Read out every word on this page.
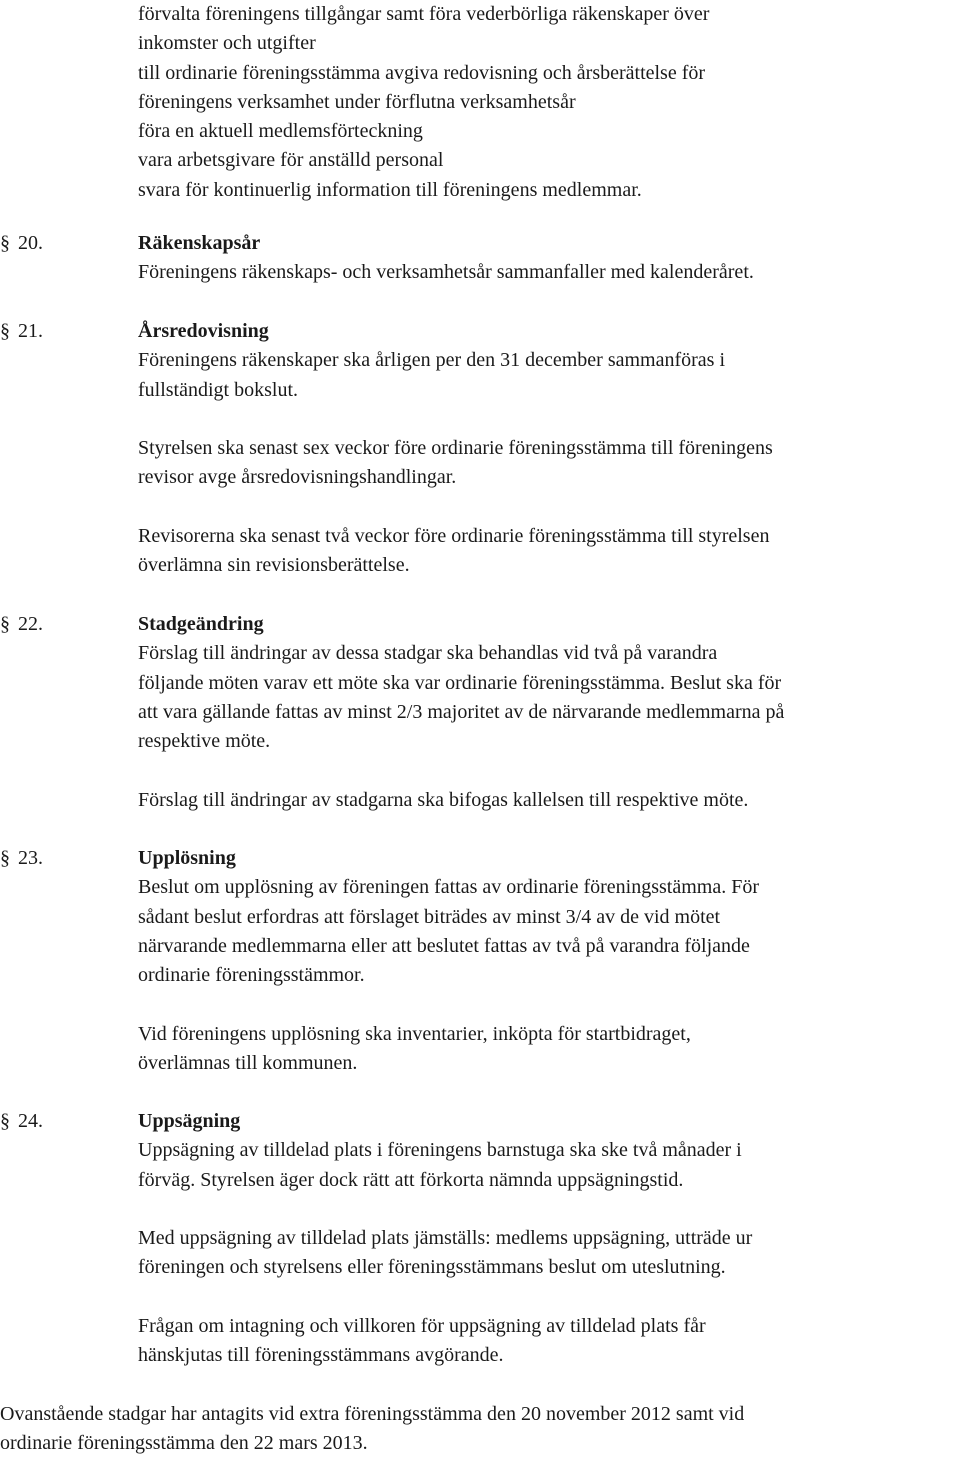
förvalta föreningens tillgångar samt föra vederbörliga räkenskaper över
inkomster och utgifter
till ordinarie föreningsstämma avgiva redovisning och årsberättelse för
föreningens verksamhet under förflutna verksamhetsår
föra en aktuell medlemsförteckning
vara arbetsgivare för anställd personal
svara för kontinuerlig information till föreningens medlemmar.
§ 20.	Räkenskapsår
Föreningens räkenskaps- och verksamhetsår sammanfaller med kalenderåret.
§ 21.	Årsredovisning
Föreningens räkenskaper ska årligen per den 31 december sammanföras i
fullständigt bokslut.
Styrelsen ska senast sex veckor före ordinarie föreningsstämma till föreningens
revisor avge årsredovisningshandlingar.
Revisorerna ska senast två veckor före ordinarie föreningsstämma till styrelsen
överlämna sin revisionsberättelse.
§ 22.	Stadgeändring
Förslag till ändringar av dessa stadgar ska behandlas vid två på varandra
följande möten varav ett möte ska var ordinarie föreningsstämma. Beslut ska för
att vara gällande fattas av minst 2/3 majoritet av de närvarande medlemmarna på
respektive möte.
Förslag till ändringar av stadgarna ska bifogas kallelsen till respektive möte.
§ 23.	Upplösning
Beslut om upplösning av föreningen fattas av ordinarie föreningsstämma. För
sådant beslut erfordras att förslaget biträdes av minst 3/4 av de vid mötet
närvarande medlemmarna eller att beslutet fattas av två på varandra följande
ordinarie föreningsstämmor.
Vid föreningens upplösning ska inventarier, inköpta för startbidraget,
överlämnas till kommunen.
§ 24.	Uppsägning
Uppsägning av tilldelad plats i föreningens barnstuga ska ske två månader i
förväg. Styrelsen äger dock rätt att förkorta nämnda uppsägningstid.
Med uppsägning av tilldelad plats jämställs: medlems uppsägning, utträde ur
föreningen och styrelsens eller föreningsstämmans beslut om uteslutning.
Frågan om intagning och villkoren för uppsägning av tilldelad plats får
hänskjutas till föreningsstämmans avgörande.
Ovanstående stadgar har antagits vid extra föreningsstämma den 20 november 2012 samt vid
ordinarie föreningsstämma den 22 mars 2013.
